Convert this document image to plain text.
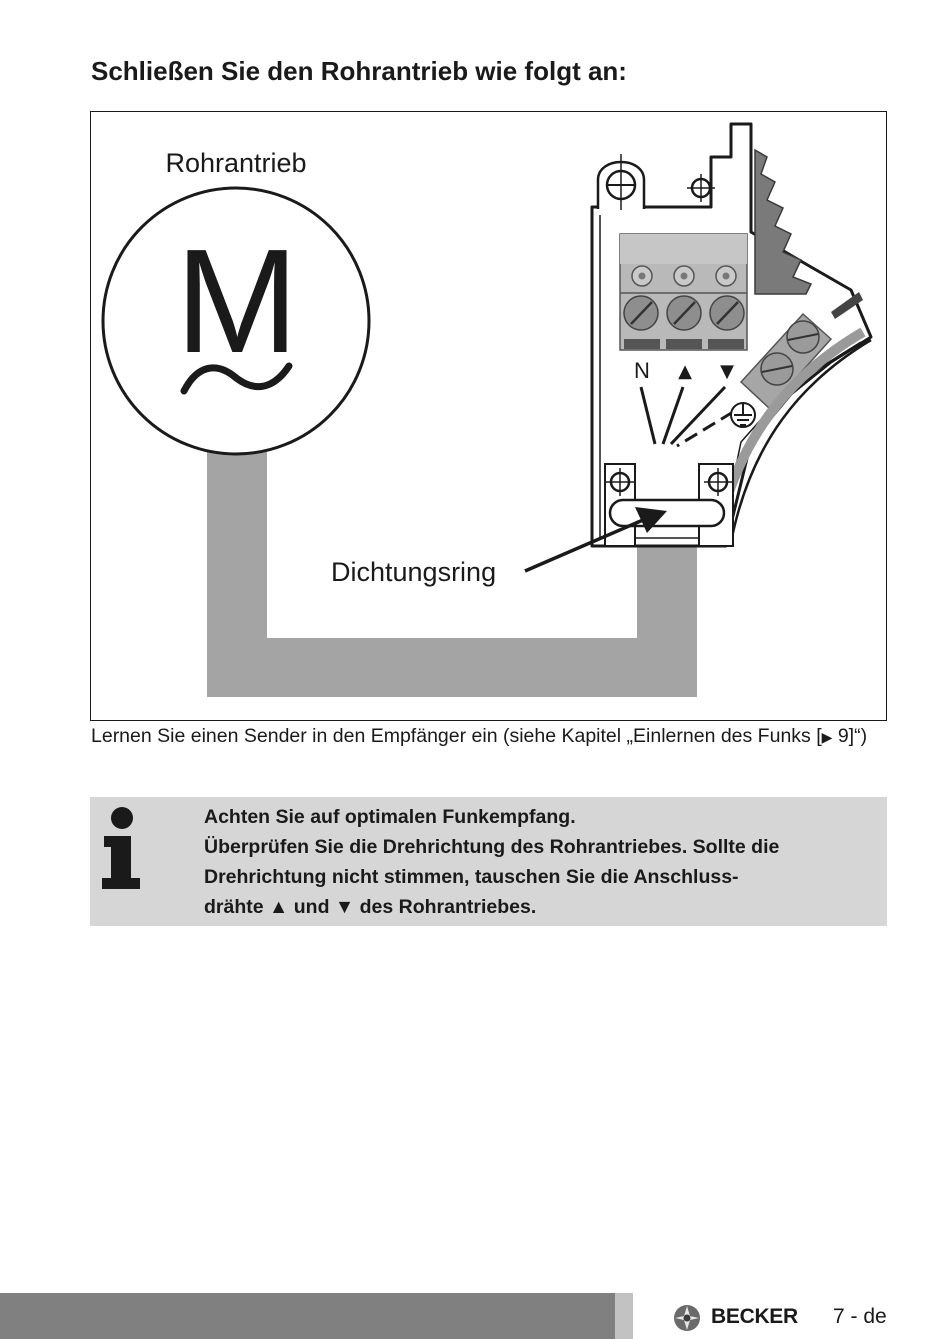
Schließen Sie den Rohrantrieb wie folgt an:
Rohrantrieb
M	N ▲ ▼
Dichtungsring

Lernen Sie einen Sender in den Empfänger ein (siehe Kapitel „Einlernen des Funks [▶ 9]“)

Achten Sie auf optimalen Funkempfang.
Überprüfen Sie die Drehrichtung des Rohrantriebes. Sollte die Drehrichtung nicht stimmen, tauschen Sie die Anschluss-
drähte ▲ und ▼ des Rohrantriebes.

BECKER 7 - de
